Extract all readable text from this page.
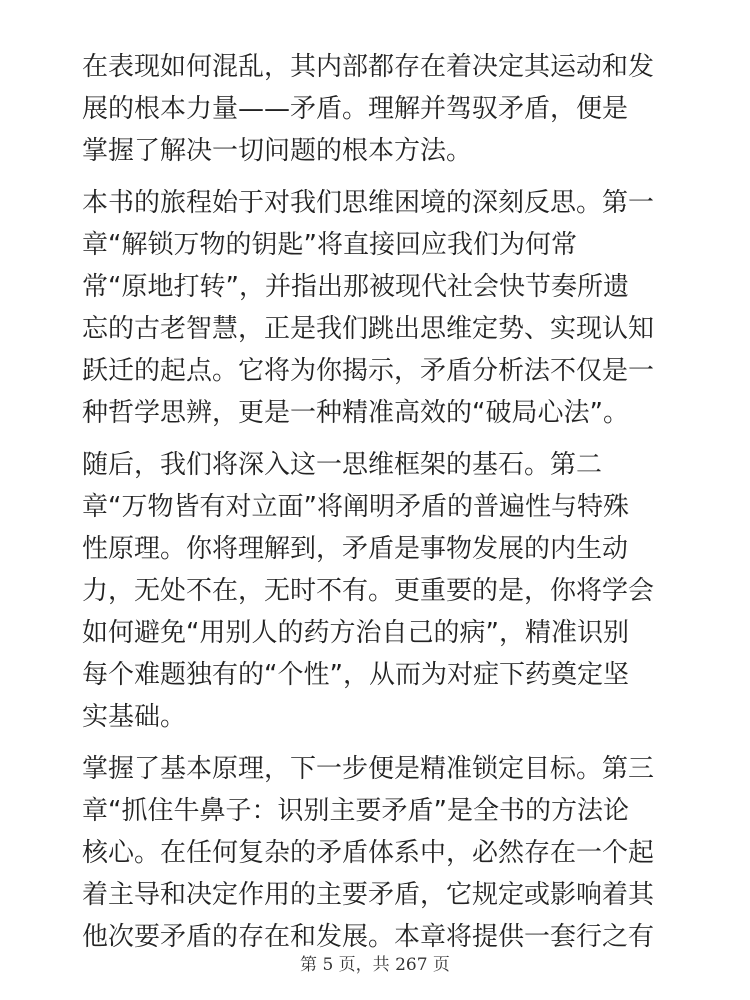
在表现如何混乱，其内部都存在着决定其运动和发
展的根本力量——矛盾。理解并驾驭矛盾，便是
掌握了解决一切问题的根本方法。

本书的旅程始于对我们思维困境的深刻反思。第一
章“解锁万物的钥匙”将直接回应我们为何常
常“原地打转”，并指出那被现代社会快节奏所遗
忘的古老智慧，正是我们跳出思维定势、实现认知
跃迁的起点。它将为你揭示，矛盾分析法不仅是一
种哲学思辨，更是一种精准高效的“破局心法”。

随后，我们将深入这一思维框架的基石。第二
章“万物皆有对立面”将阐明矛盾的普遍性与特殊
性原理。你将理解到，矛盾是事物发展的内生动
力，无处不在，无时不有。更重要的是，你将学会
如何避免“用别人的药方治自己的病”，精准识别
每个难题独有的“个性”，从而为对症下药奠定坚
实基础。

掌握了基本原理，下一步便是精准锁定目标。第三
章“抓住牛鼻子：识别主要矛盾”是全书的方法论
核心。在任何复杂的矛盾体系中，必然存在一个起
着主导和决定作用的主要矛盾，它规定或影响着其
他次要矛盾的存在和发展。本章将提供一套行之有

第 5 页，共 267 页
